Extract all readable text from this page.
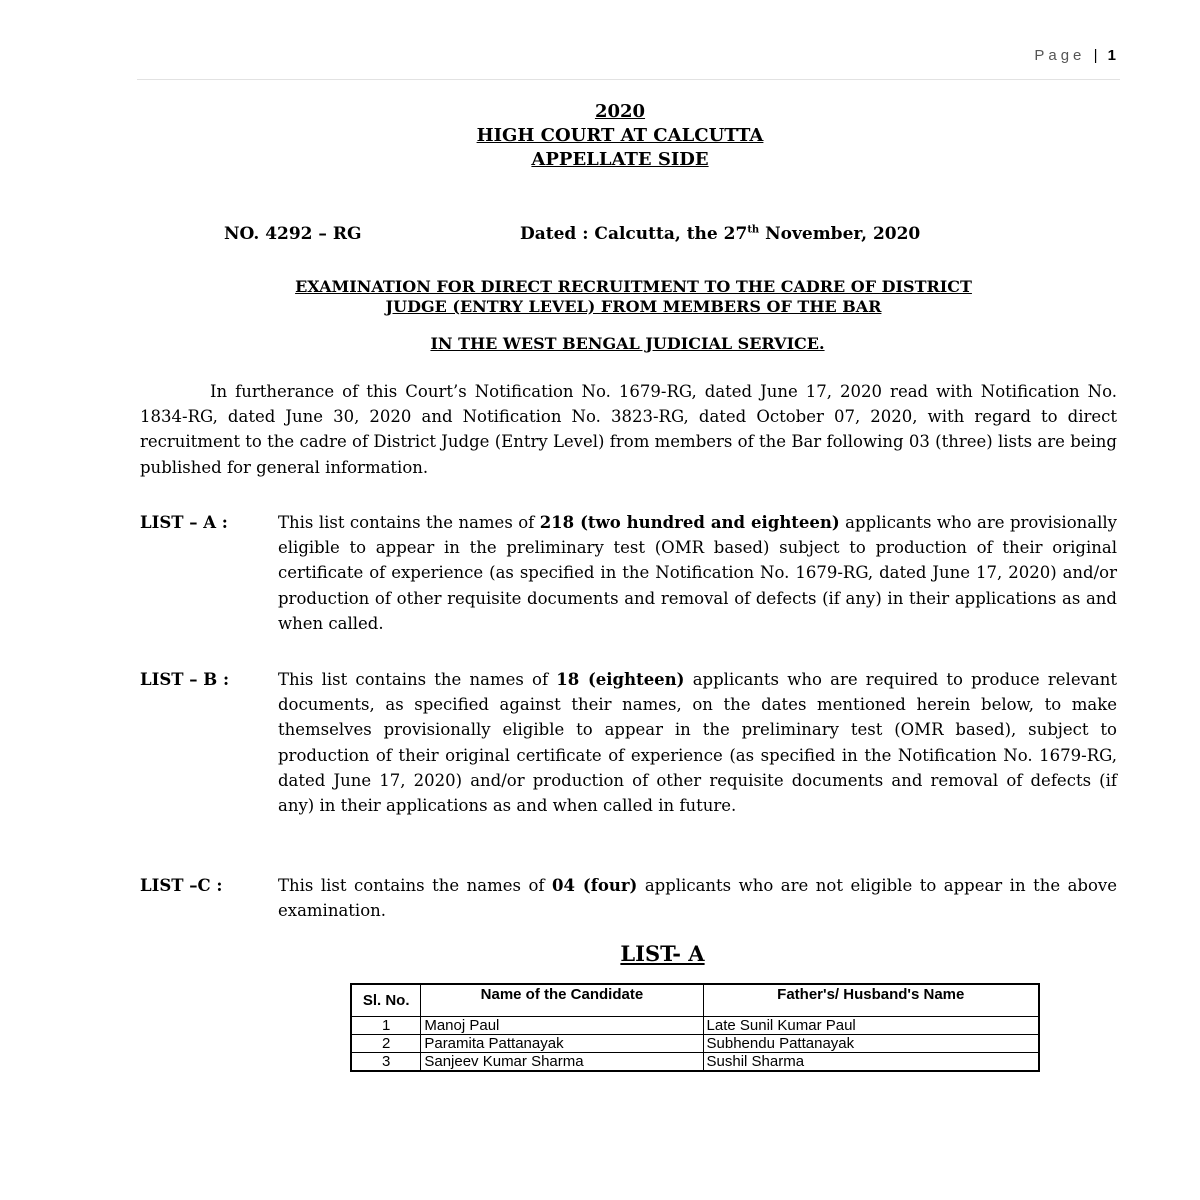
Page | 1
2020
HIGH COURT AT CALCUTTA
APPELLATE SIDE
NO. 4292 – RG	Dated : Calcutta, the 27th November, 2020
EXAMINATION FOR DIRECT RECRUITMENT TO THE CADRE OF DISTRICT
JUDGE (ENTRY LEVEL) FROM MEMBERS OF THE BAR
IN THE WEST BENGAL JUDICIAL SERVICE.

In furtherance of this Court’s Notification No. 1679-RG, dated June 17, 2020 read with Notification No. 1834-RG, dated June 30, 2020 and Notification No. 3823-RG, dated October 07, 2020, with regard to direct recruitment to the cadre of District Judge (Entry Level) from members of the Bar following 03 (three) lists are being published for general information.

LIST – A :	This list contains the names of 218 (two hundred and eighteen) applicants who are provisionally eligible to appear in the preliminary test (OMR based) subject to production of their original certificate of experience (as specified in the Notification No. 1679-RG, dated June 17, 2020) and/or production of other requisite documents and removal of defects (if any) in their applications as and when called.
LIST – B :	This list contains the names of 18 (eighteen) applicants who are required to produce relevant documents, as specified against their names, on the dates mentioned herein below, to make themselves provisionally eligible to appear in the preliminary test (OMR based), subject to production of their original certificate of experience (as specified in the Notification No. 1679-RG, dated June 17, 2020) and/or production of other requisite documents and removal of defects (if any) in their applications as and when called in future.
LIST –C :	This list contains the names of 04 (four) applicants who are not eligible to appear in the above examination.
LIST- A
Sl. No.	Name of the Candidate	Father's/ Husband's Name
1	Manoj Paul	Late Sunil Kumar Paul
2	Paramita Pattanayak	Subhendu Pattanayak
3	Sanjeev Kumar Sharma	Sushil Sharma
